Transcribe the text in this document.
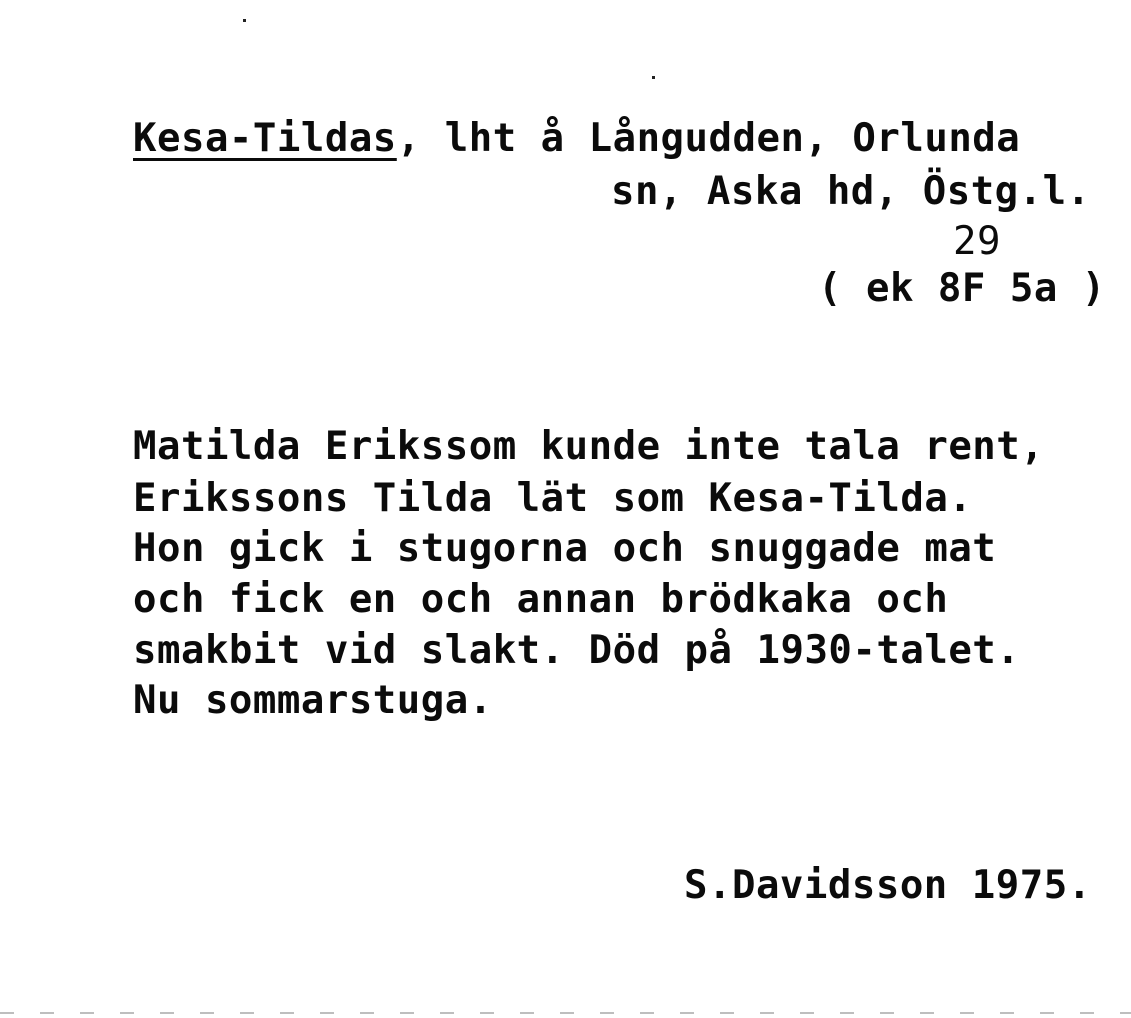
Kesa-Tildas, lht å Långudden, Orlunda
sn, Aska hd, Östg.l.
29
( ek 8F 5a )
Matilda Erikssom kunde inte tala rent,
Erikssons Tilda lät som Kesa-Tilda.
Hon gick i stugorna och snuggade mat
och fick en och annan brödkaka och
smakbit vid slakt. Död på 1930-talet.
Nu sommarstuga.
S.Davidsson 1975.
